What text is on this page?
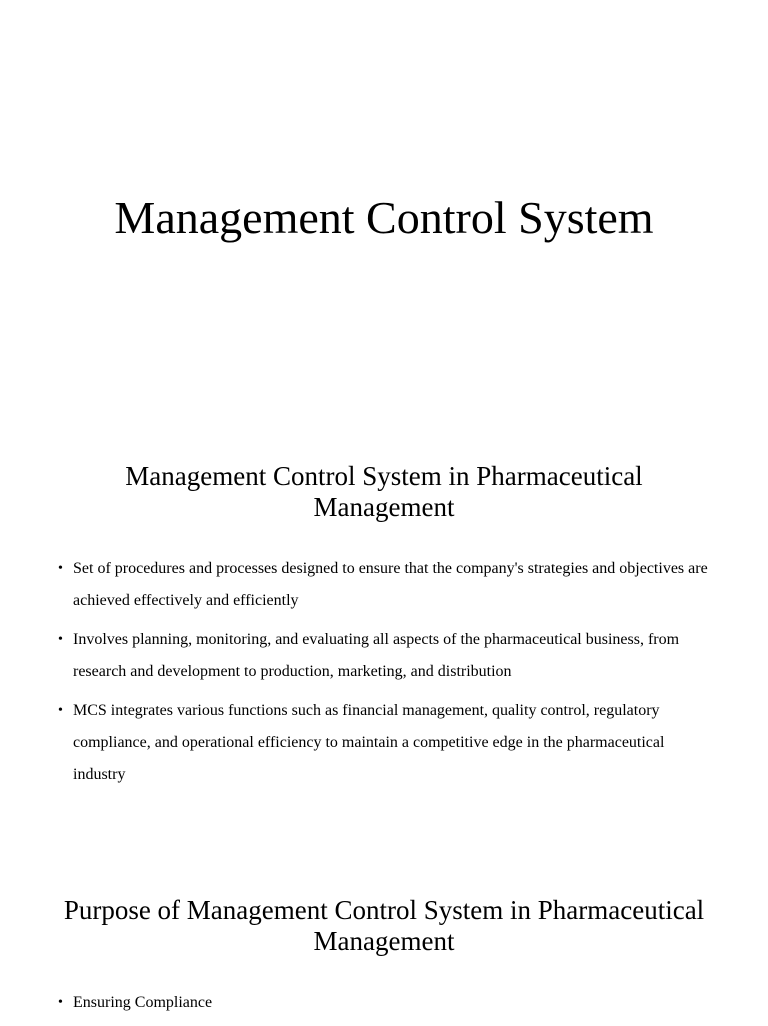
Management Control System
Management Control System in Pharmaceutical Management
• Set of procedures and processes designed to ensure that the company's strategies and objectives are achieved effectively and efficiently
• Involves planning, monitoring, and evaluating all aspects of the pharmaceutical business, from research and development to production, marketing, and distribution
• MCS integrates various functions such as financial management, quality control, regulatory compliance, and operational efficiency to maintain a competitive edge in the pharmaceutical industry
Purpose of Management Control System in Pharmaceutical Management
• Ensuring Compliance
